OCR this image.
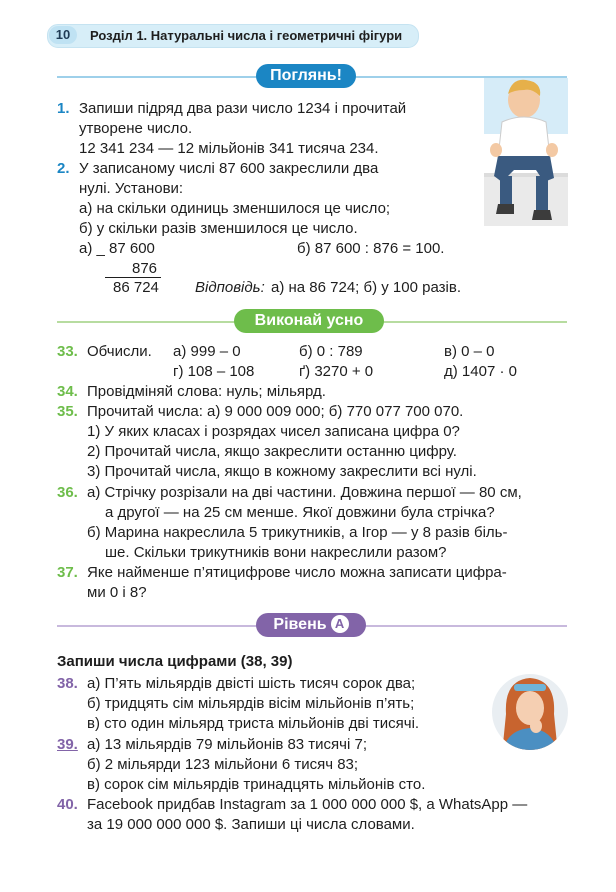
10	Розділ 1. Натуральні числа і геометричні фігури
Поглянь!
1. Запиши підряд два рази число 1234 і прочитай
утворене число.
12 341 234 — 12 мільйонів 341 тисяча 234.
2. У записаному числі 87 600 закреслили два
нулі. Установи:
а) на скільки одиниць зменшилося це число;
б) у скільки разів зменшилося це число.
а) _ 87 600	б) 87 600 : 876 = 100.
876
86 724 Відповідь: а) на 86 724; б) у 100 разів.
Виконай усно
33. Обчисли. а) 999 – 0	б) 0 : 789	в) 0 – 0
г) 108 – 108	ґ) 3270 + 0	д) 1407 · 0
34. Провідміняй слова: нуль; мільярд.
35. Прочитай числа: а) 9 000 009 000; б) 770 077 700 070.
1) У яких класах і розрядах чисел записана цифра 0?
2) Прочитай числа, якщо закреслити останню цифру.
3) Прочитай числа, якщо в кожному закреслити всі нулі.
36. а) Стрічку розрізали на дві частини. Довжина першої — 80 см,
а другої — на 25 см менше. Якої довжини була стрічка?
б) Марина накреслила 5 трикутників, а Ігор — у 8 разів біль-
ше. Скільки трикутників вони накреслили разом?
37. Яке найменше п’ятицифрове число можна записати цифра-
ми 0 і 8?
Рівень А
Запиши числа цифрами (38, 39)
38. а) П’ять мільярдів двісті шість тисяч сорок два;
б) тридцять сім мільярдів вісім мільйонів п’ять;
в) сто один мільярд триста мільйонів дві тисячі.
39. а) 13 мільярдів 79 мільйонів 83 тисячі 7;
б) 2 мільярди 123 мільйони 6 тисяч 83;
в) сорок сім мільярдів тринадцять мільйонів сто.
40. Facebook придбав Instagram за 1 000 000 000 $, а WhatsApp —
за 19 000 000 000 $. Запиши ці числа словами.
